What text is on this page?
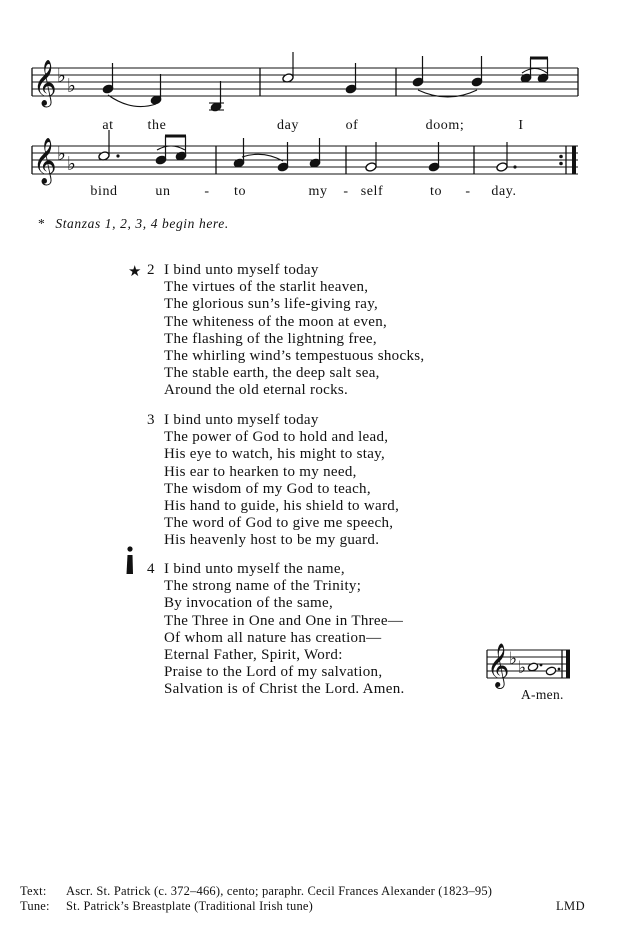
𝄞 ♭ ♭
at the	day	of	doom;	I
𝄞 ♭ ♭
bind	un - to	my - self	to - day.
* Stanzas 1, 2, 3, 4 begin here.
★ 2 I bind unto myself today
The virtues of the starlit heaven,
The glorious sun’s life-giving ray,
The whiteness of the moon at even,
The flashing of the lightning free,
The whirling wind’s tempestuous shocks,
The stable earth, the deep salt sea,
Around the old eternal rocks.
3 I bind unto myself today
The power of God to hold and lead,
His eye to watch, his might to stay,
His ear to hearken to my need,
The wisdom of my God to teach,
His hand to guide, his shield to ward,
The word of God to give me speech,
His heavenly host to be my guard.
4 I bind unto myself the name,
The strong name of the Trinity;
By invocation of the same,
The Three in One and One in Three—
Of whom all nature has creation—
Eternal Father, Spirit, Word:
Praise to the Lord of my salvation,
Salvation is of Christ the Lord. Amen.
𝄞 ♭ ♭
A-men.
Text: Ascr. St. Patrick (c. 372–466), cento; paraphr. Cecil Frances Alexander (1823–95)
Tune: St. Patrick’s Breastplate (Traditional Irish tune)	LMD
